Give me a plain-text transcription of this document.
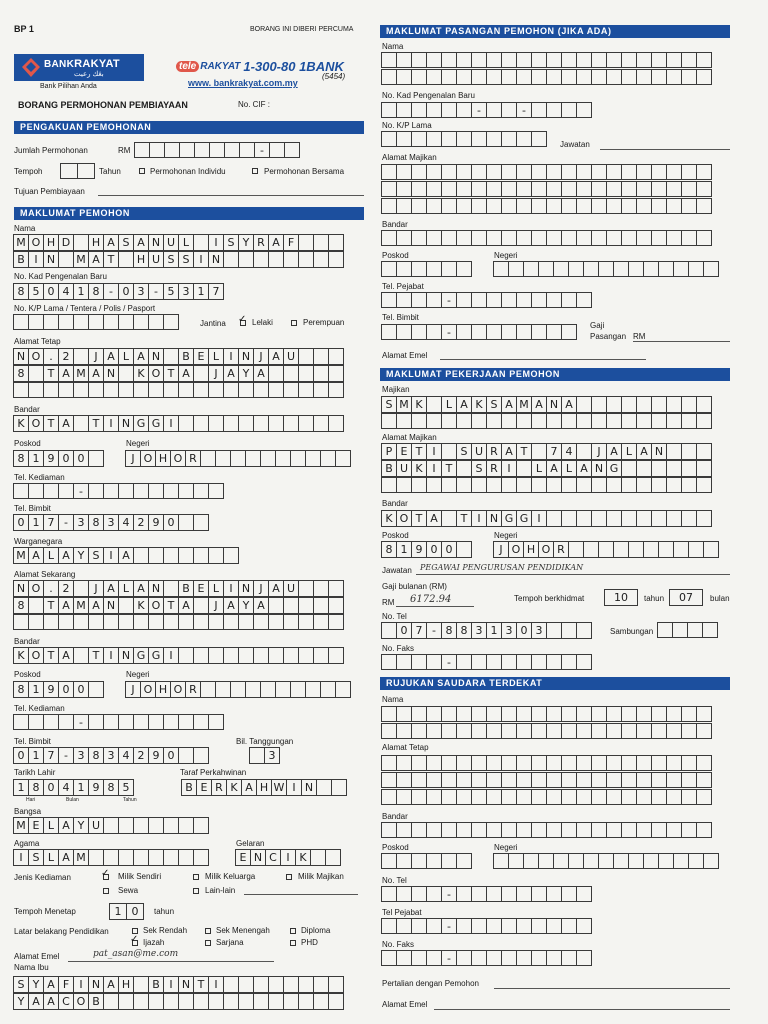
BP 1	BORANG INI DIBERI PERCUMA
BANKRAKYAT
بڠك رعيت
Bank Pilihan Anda
tele RAKYAT 1-300-80 1BANK
(5454)
www. bankrakyat.com.my
BORANG PERMOHONAN PEMBIAYAAN	No. CIF :
PENGAKUAN PEMOHONAN
Jumlah Permohonan	RM	-
Tempoh	Tahun	Permohonan Individu	Permohonan Bersama
Tujuan Pembiayaan
MAKLUMAT PEMOHON
Nama
M O H D	H A S A N U L	I S Y R A F
B I N	M A T	H U S S I N
No. Kad Pengenalan Baru
8 5 0 4 1 8 - 0 3 - 5 3 1 7
No. K/P Lama / Tentera / Polis / Pasport
Jantina ✓ Lelaki	Perempuan
Alamat Tetap
N O . 2	J A L A N	B E L I N J A U
8	T A M A N	K O T A	J A Y A
Bandar
K O T A	T I N G G I
Poskod	Negeri
8 1 9 0 0	J O H O R
Tel. Kediaman
-
Tel. Bimbit
0 1 7 - 3 8 3 4 2 9 0
Warganegara
M A L A Y S I A
Alamat Sekarang
N O . 2	J A L A N	B E L I N J A U
8	T A M A N	K O T A	J A Y A
Bandar
K O T A	T I N G G I
Poskod	Negeri
8 1 9 0 0	J O H O R
Tel. Kediaman
-
Tel. Bimbit	Bil. Tanggungan
0 1 7 - 3 8 3 4 2 9 0	3
Tarikh Lahir	Taraf Perkahwinan
1 8 0 4 1 9 8 5
Hari	Bulan	Tahun
B E R K A H W I N
Bangsa
M E L A Y U
Agama	Gelaran
I S L A M	E N C I K
Jenis Kediaman	✓ Milik Sendiri	Milik Keluarga	Milik Majikan
Sewa	Lain-lain
Tempoh Menetap	1 0	tahun
Latar belakang Pendidikan	Sek Rendah	Sek Menengah	Diploma
✓ Ijazah	Sarjana	PHD
Alamat Emel	pat_asan@me.com
Nama Ibu
S Y A F I N A H	B I N T I
Y A A C O B
MAKLUMAT PASANGAN PEMOHON (JIKA ADA)
Nama
No. Kad Pengenalan Baru
-	-
No. K/P Lama
Jawatan
Alamat Majikan
Bandar
Poskod	Negeri
Tel. Pejabat
-
Tel. Bimbit
-
Gaji
Pasangan RM
Alamat Emel
MAKLUMAT PEKERJAAN PEMOHON
Majikan
S M K	L A K S A M A N A
Alamat Majikan
P E T I	S U R A T	7 4	J A L A N
B U K I T	S R I	L A L A N G
Bandar
K O T A	T I N G G I
Poskod	Negeri
8 1 9 0 0	J O H O R
Jawatan PEGAWAI PENGURUSAN PENDIDIKAN
Gaji bulanan (RM)
RM 6172.94	Tempoh berkhidmat	10	tahun	07	bulan
No. Tel
0 7 - 8 8 3 1 3 0 3	Sambungan
No. Faks
-
RUJUKAN SAUDARA TERDEKAT
Nama
Alamat Tetap
Bandar
Poskod	Negeri
No. Tel
-
Tel Pejabat
-
No. Faks
-
Pertalian dengan Pemohon
Alamat Emel
